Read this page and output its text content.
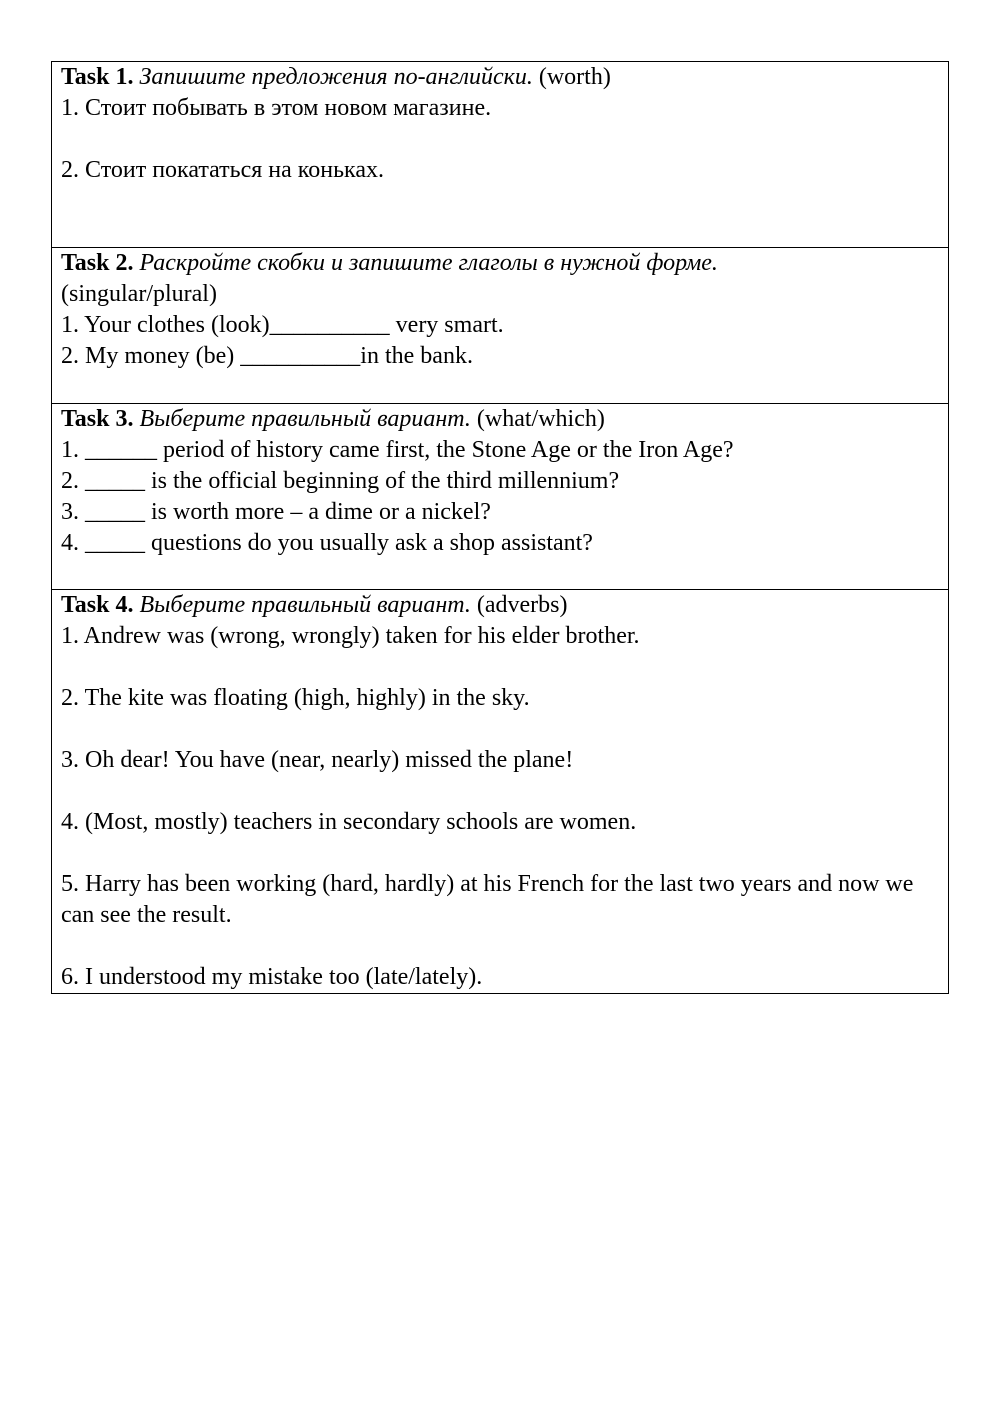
Task 1. Запишите предложения по-английски. (worth)
1. Стоит побывать в этом новом магазине.
2. Стоит покататься на коньках.

Task 2. Раскройте скобки и запишите глаголы в нужной форме.
(singular/plural)
1. Your clothes (look)__________ very smart.
2. My money (be) __________in the bank.

Task 3. Выберите правильный вариант. (what/which)
1. ______ period of history came first, the Stone Age or the Iron Age?
2. _____ is the official beginning of the third millennium?
3. _____ is worth more – a dime or a nickel?
4. _____ questions do you usually ask a shop assistant?

Task 4. Выберите правильный вариант. (adverbs)
1. Andrew was (wrong, wrongly) taken for his elder brother.
2. The kite was floating (high, highly) in the sky.
3. Oh dear! You have (near, nearly) missed the plane!
4. (Most, mostly) teachers in secondary schools are women.
5. Harry has been working (hard, hardly) at his French for the last two years and now we can see the result.
6. I understood my mistake too (late/lately).
